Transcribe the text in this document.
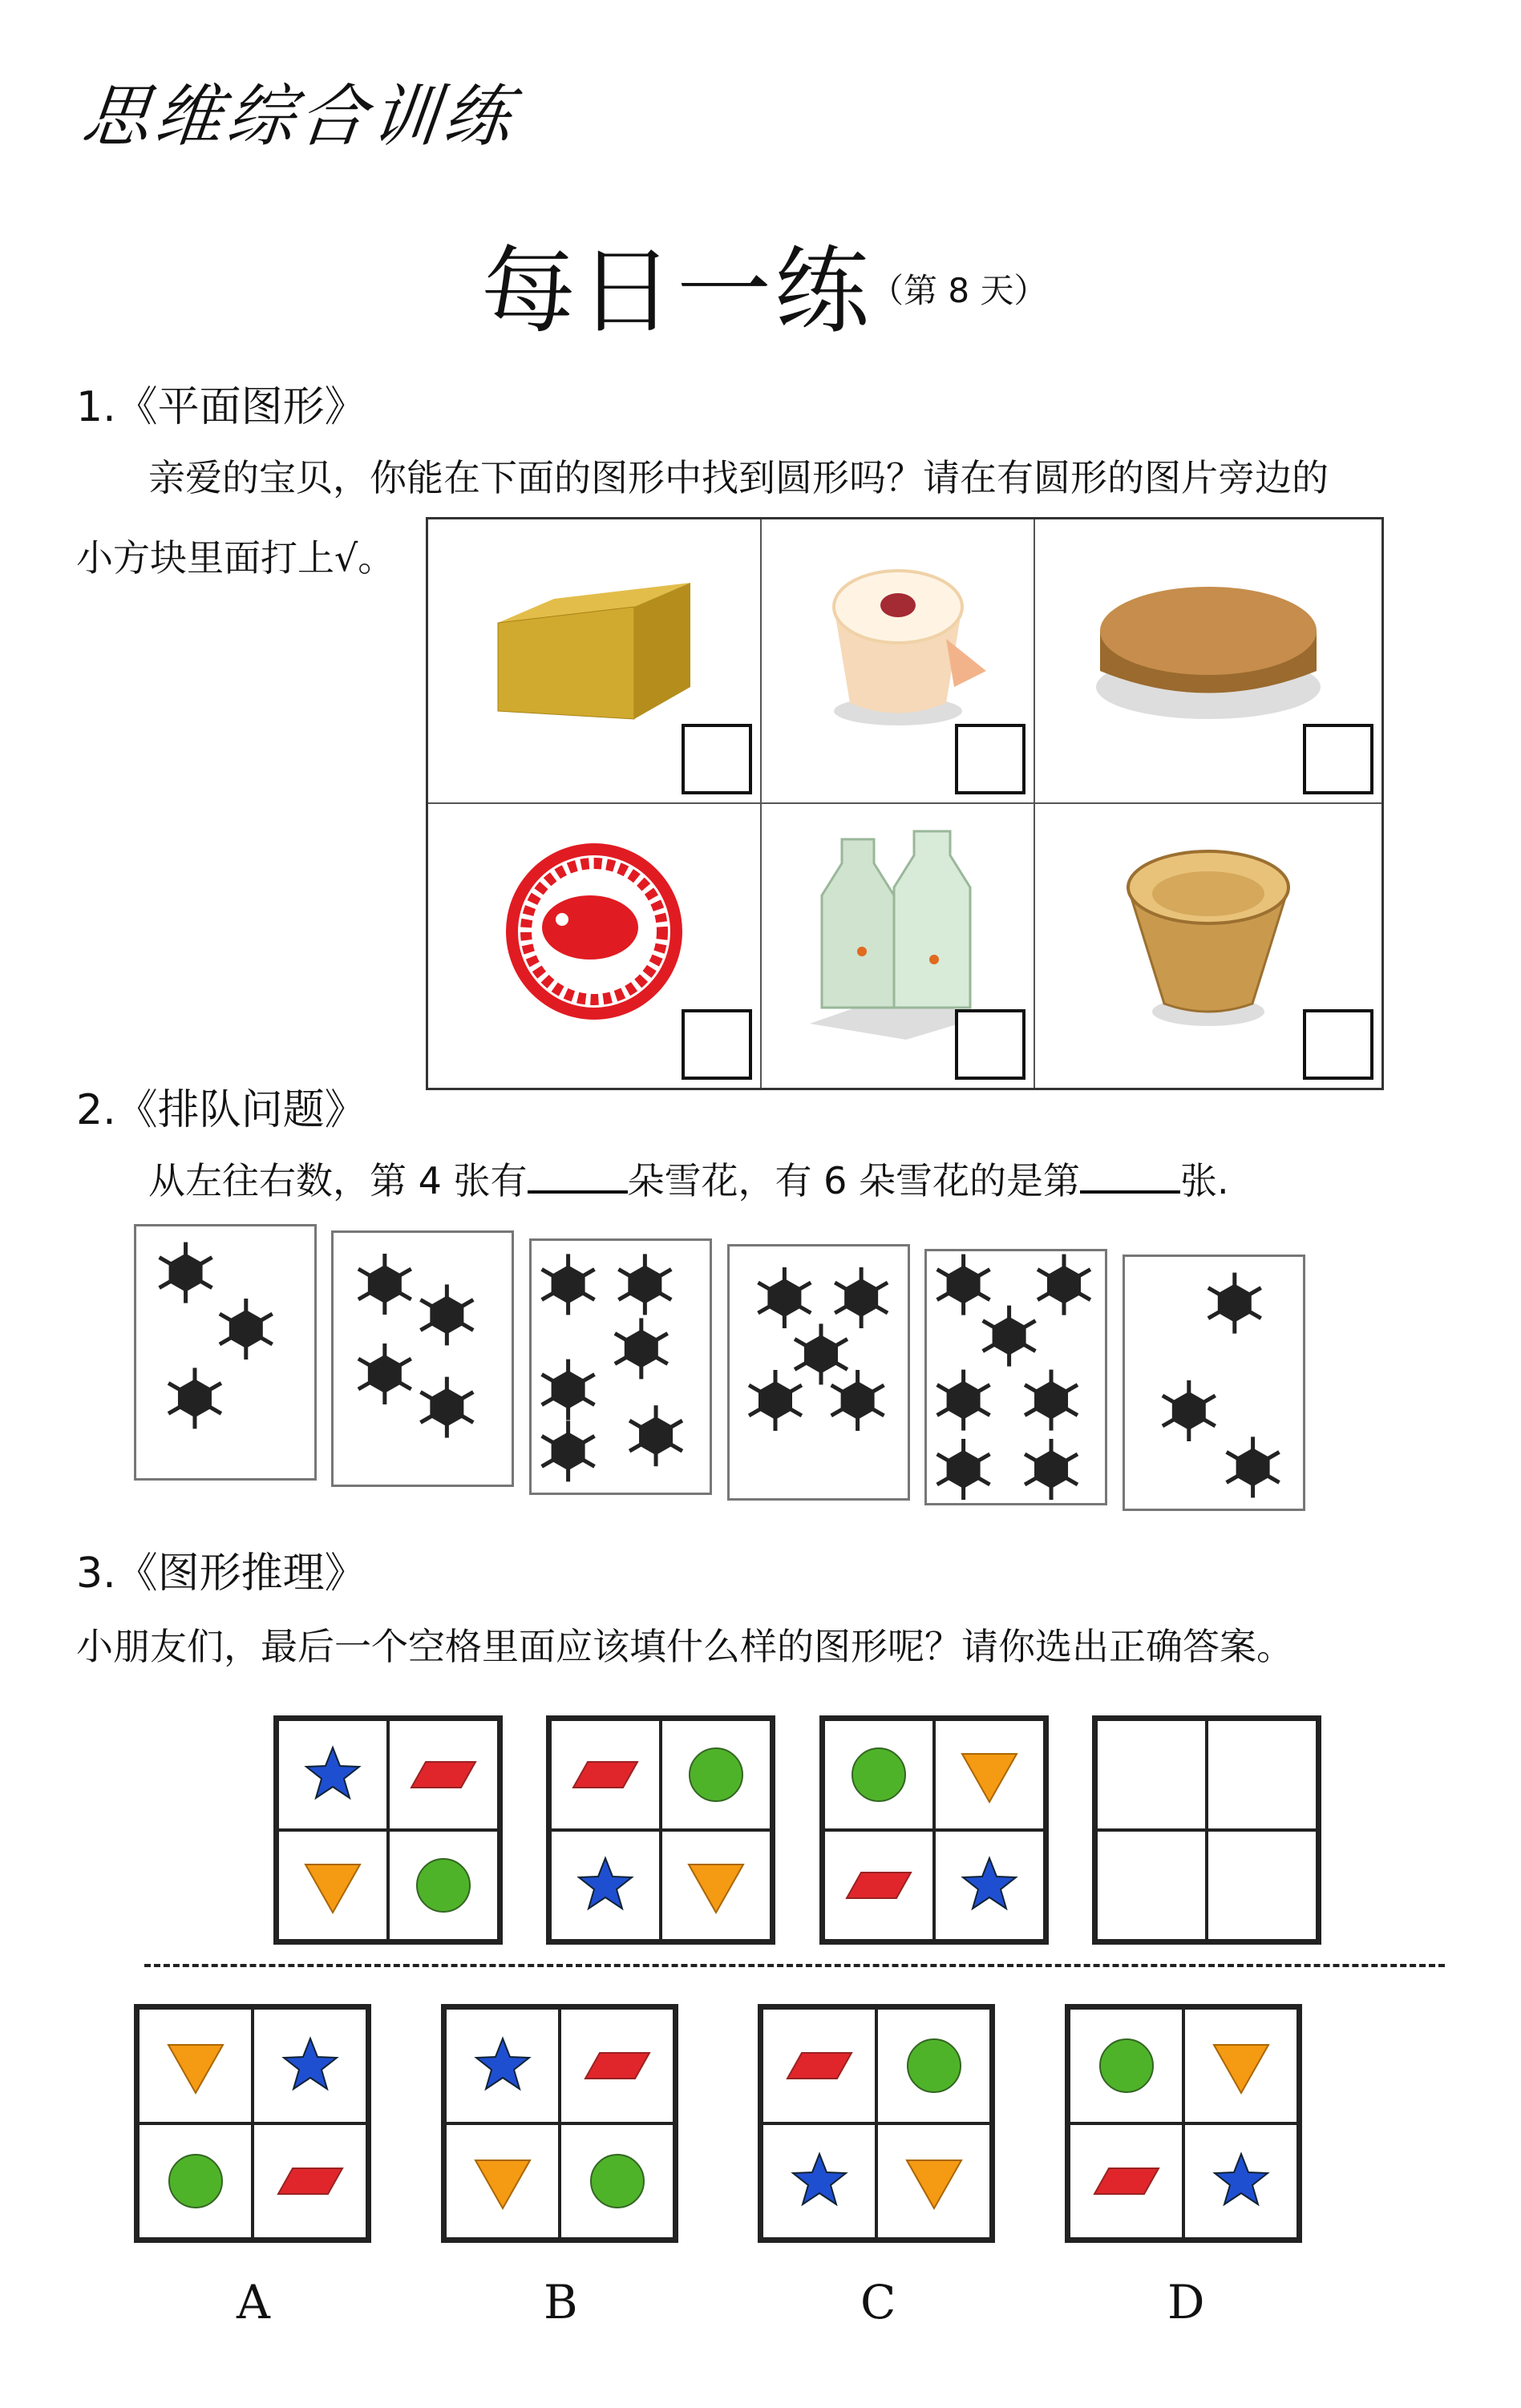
思维综合训练
每日一练
（第 8 天）
1.《平面图形》
亲爱的宝贝，你能在下面的图形中找到圆形吗？请在有圆形的图片旁边的
小方块里面打上√。
2.《排队问题》
从左往右数，第 4 张有	朵雪花，有 6 朵雪花的是第	张.
3.《图形推理》
小朋友们，最后一个空格里面应该填什么样的图形呢？请你选出正确答案。
A	B	C	D
